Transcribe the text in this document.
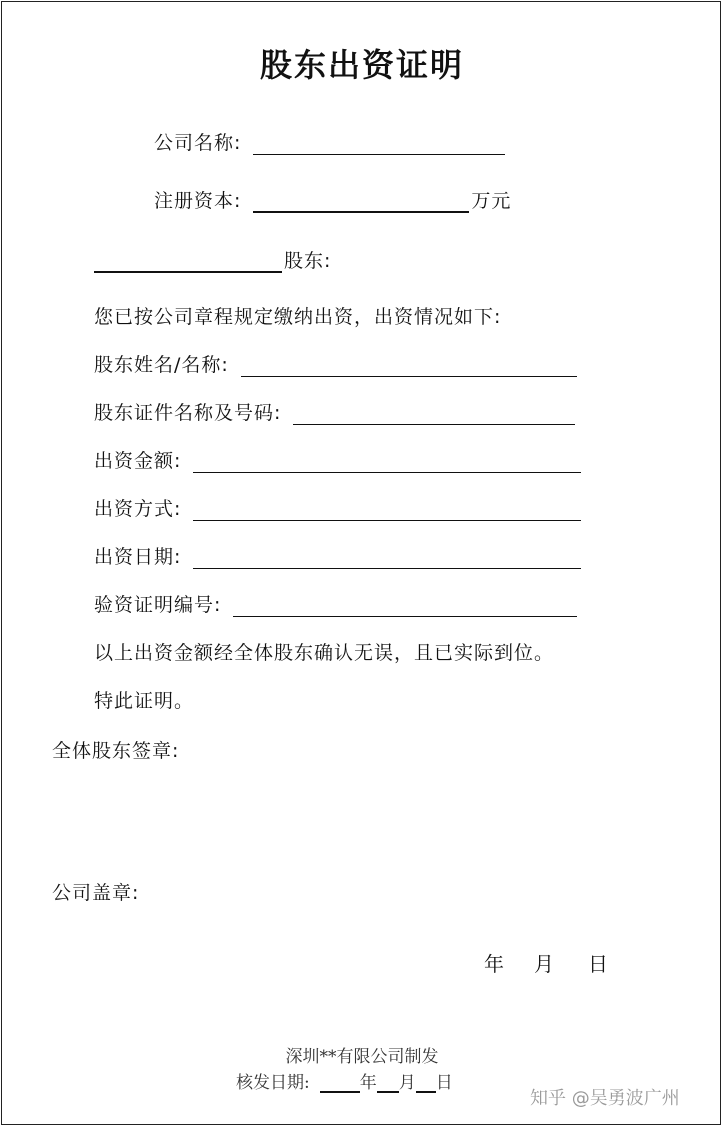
股东出资证明
公司名称:
注册资本:	万元
股东:
您已按公司章程规定缴纳出资，出资情况如下:
股东姓名/名称:
股东证件名称及号码:
出资金额:
出资方式:
出资日期:
验资证明编号:
以上出资金额经全体股东确认无误，且已实际到位。
特此证明。
全体股东签章:
公司盖章:
年 月 日
深圳**有限公司制发
核发日期:	年 月 日
知乎 @吴勇波广州
